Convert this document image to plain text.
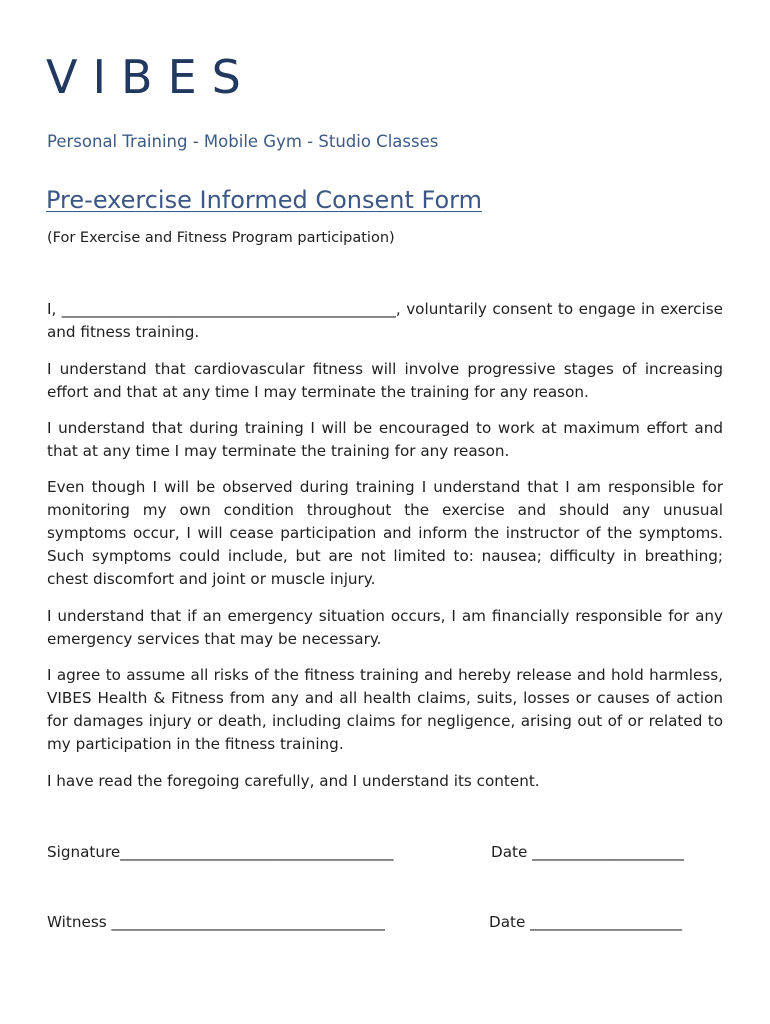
VIBES
Personal Training - Mobile Gym - Studio Classes
Pre-exercise Informed Consent Form
(For Exercise and Fitness Program participation)

I, ____________________________________________, voluntarily consent to engage in exercise and fitness training.

I understand that cardiovascular fitness will involve progressive stages of increasing effort and that at any time I may terminate the training for any reason.

I understand that during training I will be encouraged to work at maximum effort and that at any time I may terminate the training for any reason.

Even though I will be observed during training I understand that I am responsible for monitoring my own condition throughout the exercise and should any unusual symptoms occur, I will cease participation and inform the instructor of the symptoms. Such symptoms could include, but are not limited to: nausea; difficulty in breathing; chest discomfort and joint or muscle injury.

I understand that if an emergency situation occurs, I am financially responsible for any emergency services that may be necessary.

I agree to assume all risks of the fitness training and hereby release and hold harmless, VIBES Health & Fitness from any and all health claims, suits, losses or causes of action for damages injury or death, including claims for negligence, arising out of or related to my participation in the fitness training.

I have read the foregoing carefully, and I understand its content.

Signature____________________________________	Date ____________________
Witness ____________________________________	Date ____________________
